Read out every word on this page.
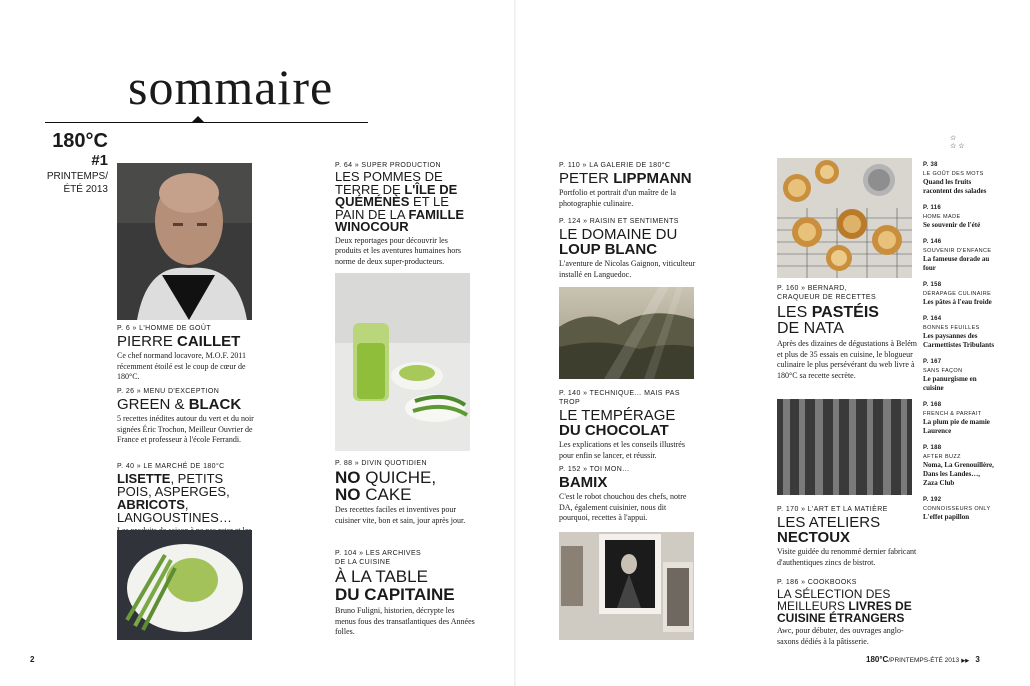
sommaire
180°C
#1
PRINTEMPS/
ÉTÉ 2013
P. 6 » L'HOMME DE GOÛT
PIERRE CAILLET
Ce chef normand locavore, M.O.F. 2011 récemment étoilé est le coup de cœur de 180°C.
P. 26 » MENU D'EXCEPTION
GREEN & BLACK
5 recettes inédites autour du vert et du noir signées Éric Trochon, Meilleur Ouvrier de France et professeur à l'école Ferrandi.
P. 40 » LE MARCHÉ DE 180°C
LISETTE, PETITS POIS, ASPERGES, ABRICOTS, LANGOUSTINES…
P. 64 » SUPER PRODUCTION
LES POMMES DE TERRE DE L'ÎLE DE QUÉMÉNÈS ET LE PAIN DE LA FAMILLE WINOCOUR
Deux reportages pour découvrir les produits et les aventures humaines hors norme de deux super-producteurs.
P. 88 » DIVIN QUOTIDIEN
NO QUICHE,
NO CAKE
Des recettes faciles et inventives pour cuisiner vite, bon et sain, jour après jour.
P. 104 » LES ARCHIVES
DE LA CUISINE
À LA TABLE
DU CAPITAINE
Bruno Fuligni, historien, décrypte les menus fous des transatlantiques des Années folles.
P. 110 » LA GALERIE DE 180°C
PETER LIPPMANN
Portfolio et portrait d'un maître de la photographie culinaire.
P. 124 » RAISIN ET SENTIMENTS
LE DOMAINE DU
LOUP BLANC
L'aventure de Nicolas Gaignon, viticulteur installé en Languedoc.
P. 140 » TECHNIQUE… MAIS PAS TROP
LE TEMPÉRAGE
DU CHOCOLAT
Les explications et les conseils illustrés pour enfin se lancer, et réussir.
P. 152 » TOI MON…
BAMIX
C'est le robot chouchou des chefs, notre DA, également cuisinier, nous dit pourquoi, recettes à l'appui.
P. 160 » BERNARD,
CRAQUEUR DE RECETTES
LES PASTÉIS
DE NATA
Après des dizaines de dégustations à Belém et plus de 35 essais en cuisine, le blogueur culinaire le plus persévérant du web livre à 180°C sa recette secrète.
P. 170 » L'ART ET LA MATIÈRE
LES ATELIERS
NECTOUX
Visite guidée du renommé dernier fabricant d'authentiques zincs de bistrot.
P. 186 » COOKBOOKS
LA SÉLECTION DES MEILLEURS LIVRES DE CUISINE ÉTRANGERS
Awc, pour débuter, des ouvrages anglo-saxons dédiés à la pâtisserie.
☆
☆☆
P. 38
LE GOÛT DES MOTS
Quand les fruits racontent des salades
P. 116
HOME MADE
Se souvenir de l'été
P. 146
SOUVENIR D'ENFANCE
La fameuse dorade au four
P. 158
DÉRAPAGE CULINAIRE
Les pâtes à l'eau froide
P. 164
BONNES FEUILLES
Les paysannes des Carmettistes Tribulants
P. 167
SANS FAÇON
Le panurgisme en cuisine
P. 168
FRENCH & PARFAIT
La plum pie de mamie Laurence
P. 188
AFTER BUZZ
Noma, La Grenouillère, Dans les Landes…, Zaza Club
P. 192
CONNOISSEURS ONLY
L'effet papillon
2	180°C/PRINTEMPS-ÉTÉ 2013 ▶▶ 3
